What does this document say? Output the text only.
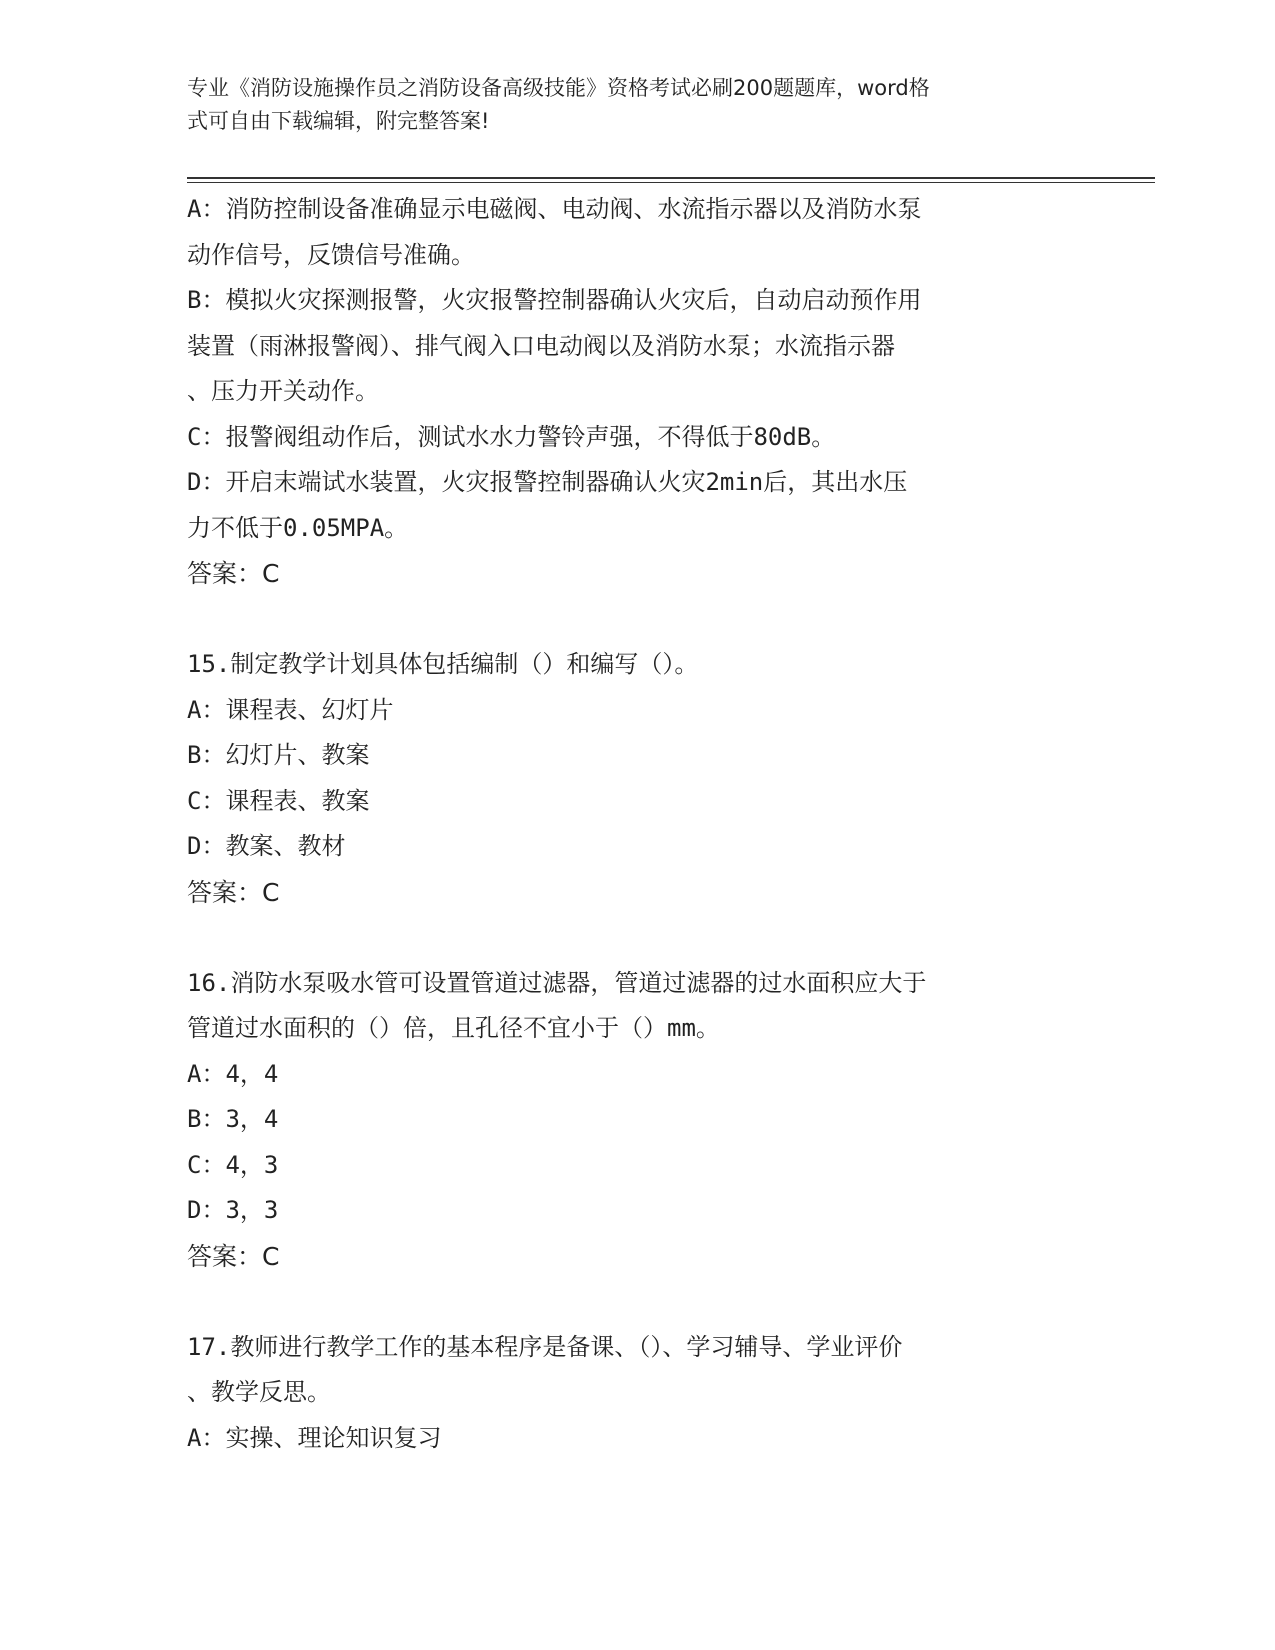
专业《消防设施操作员之消防设备高级技能》资格考试必刷200题题库，word格
式可自由下载编辑，附完整答案!

A：消防控制设备准确显示电磁阀、电动阀、水流指示器以及消防水泵

动作信号，反馈信号准确。

B：模拟火灾探测报警，火灾报警控制器确认火灾后，自动启动预作用

装置（雨淋报警阀）、排气阀入口电动阀以及消防水泵；水流指示器

、压力开关动作。

C：报警阀组动作后，测试水水力警铃声强，不得低于80dB。

D：开启末端试水装置，火灾报警控制器确认火灾2min后，其出水压

力不低于0.05MPA。

答案：C

15.制定教学计划具体包括编制（）和编写（）。

A：课程表、幻灯片

B：幻灯片、教案

C：课程表、教案

D：教案、教材

答案：C

16.消防水泵吸水管可设置管道过滤器，管道过滤器的过水面积应大于

管道过水面积的（）倍，且孔径不宜小于（）mm。

A：4，4

B：3，4

C：4，3

D：3，3

答案：C

17.教师进行教学工作的基本程序是备课、（）、学习辅导、学业评价

、教学反思。

A：实操、理论知识复习
